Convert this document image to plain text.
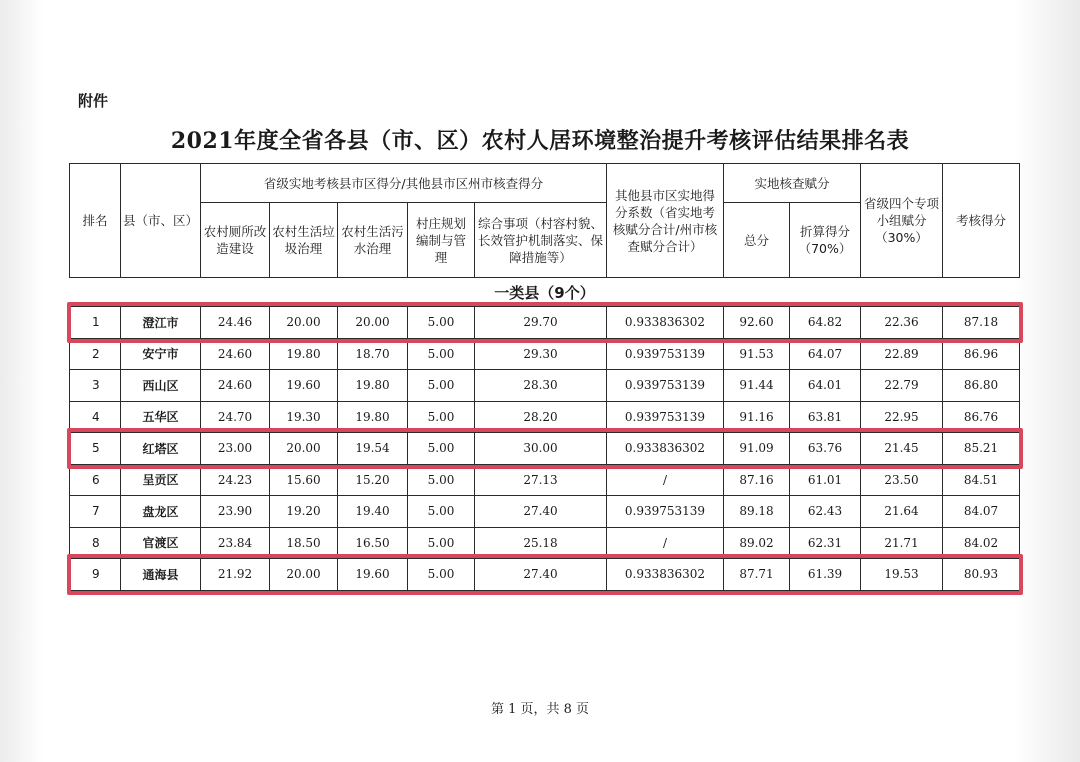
附件
2021年度全省各县（市、区）农村人居环境整治提升考核评估结果排名表
排名	县（市、区）	省级实地考核县市区得分/其他县市区州市核查得分					其他县市区实地得分系数（省实地考核赋分合计/州市核查赋分合计）	实地核查赋分		省级四个专项小组赋分（30%）	考核得分
		农村厕所改造建设	农村生活垃圾治理	农村生活污水治理	村庄规划编制与管理	综合事项（村容村貌、长效管护机制落实、保障措施等）		总分	折算得分（70%）		
一类县（9个）											
1	澄江市	24.46	20.00	20.00	5.00	29.70	0.933836302	92.60	64.82	22.36	87.18
2	安宁市	24.60	19.80	18.70	5.00	29.30	0.939753139	91.53	64.07	22.89	86.96
3	西山区	24.60	19.60	19.80	5.00	28.30	0.939753139	91.44	64.01	22.79	86.80
4	五华区	24.70	19.30	19.80	5.00	28.20	0.939753139	91.16	63.81	22.95	86.76
5	红塔区	23.00	20.00	19.54	5.00	30.00	0.933836302	91.09	63.76	21.45	85.21
6	呈贡区	24.23	15.60	15.20	5.00	27.13	/	87.16	61.01	23.50	84.51
7	盘龙区	23.90	19.20	19.40	5.00	27.40	0.939753139	89.18	62.43	21.64	84.07
8	官渡区	23.84	18.50	16.50	5.00	25.18	/	89.02	62.31	21.71	84.02
9	通海县	21.92	20.00	19.60	5.00	27.40	0.933836302	87.71	61.39	19.53	80.93
第 1 页，共 8 页
